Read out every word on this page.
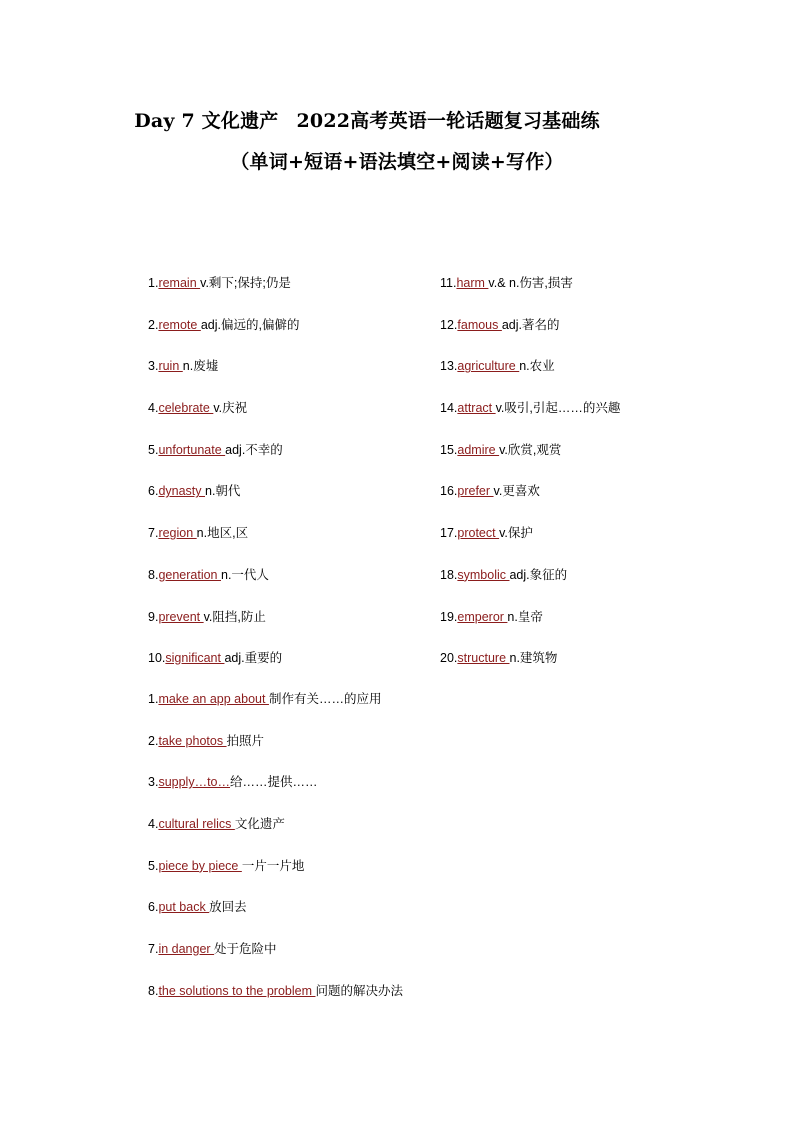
Day 7 文化遗产 2022高考英语一轮话题复习基础练
（单词+短语+语法填空+阅读+写作）
1.remain v.剩下;保持;仍是
2.remote adj.偏远的,偏僻的
3.ruin n.废墟
4.celebrate v.庆祝
5.unfortunate adj.不幸的
6.dynasty n.朝代
7.region n.地区,区
8.generation n.一代人
9.prevent v.阻挡,防止
10.significant adj.重要的
11.harm v.& n.伤害,损害
12.famous adj.著名的
13.agriculture n.农业
14.attract v.吸引,引起……的兴趣
15.admire v.欣赏,观赏
16.prefer v.更喜欢
17.protect v.保护
18.symbolic adj.象征的
19.emperor n.皇帝
20.structure n.建筑物
1.make an app about 制作有关……的应用
2.take photos 拍照片
3.supply…to…给……提供……
4.cultural relics 文化遗产
5.piece by piece 一片一片地
6.put back 放回去
7.in danger 处于危险中
8.the solutions to the problem 问题的解决办法
